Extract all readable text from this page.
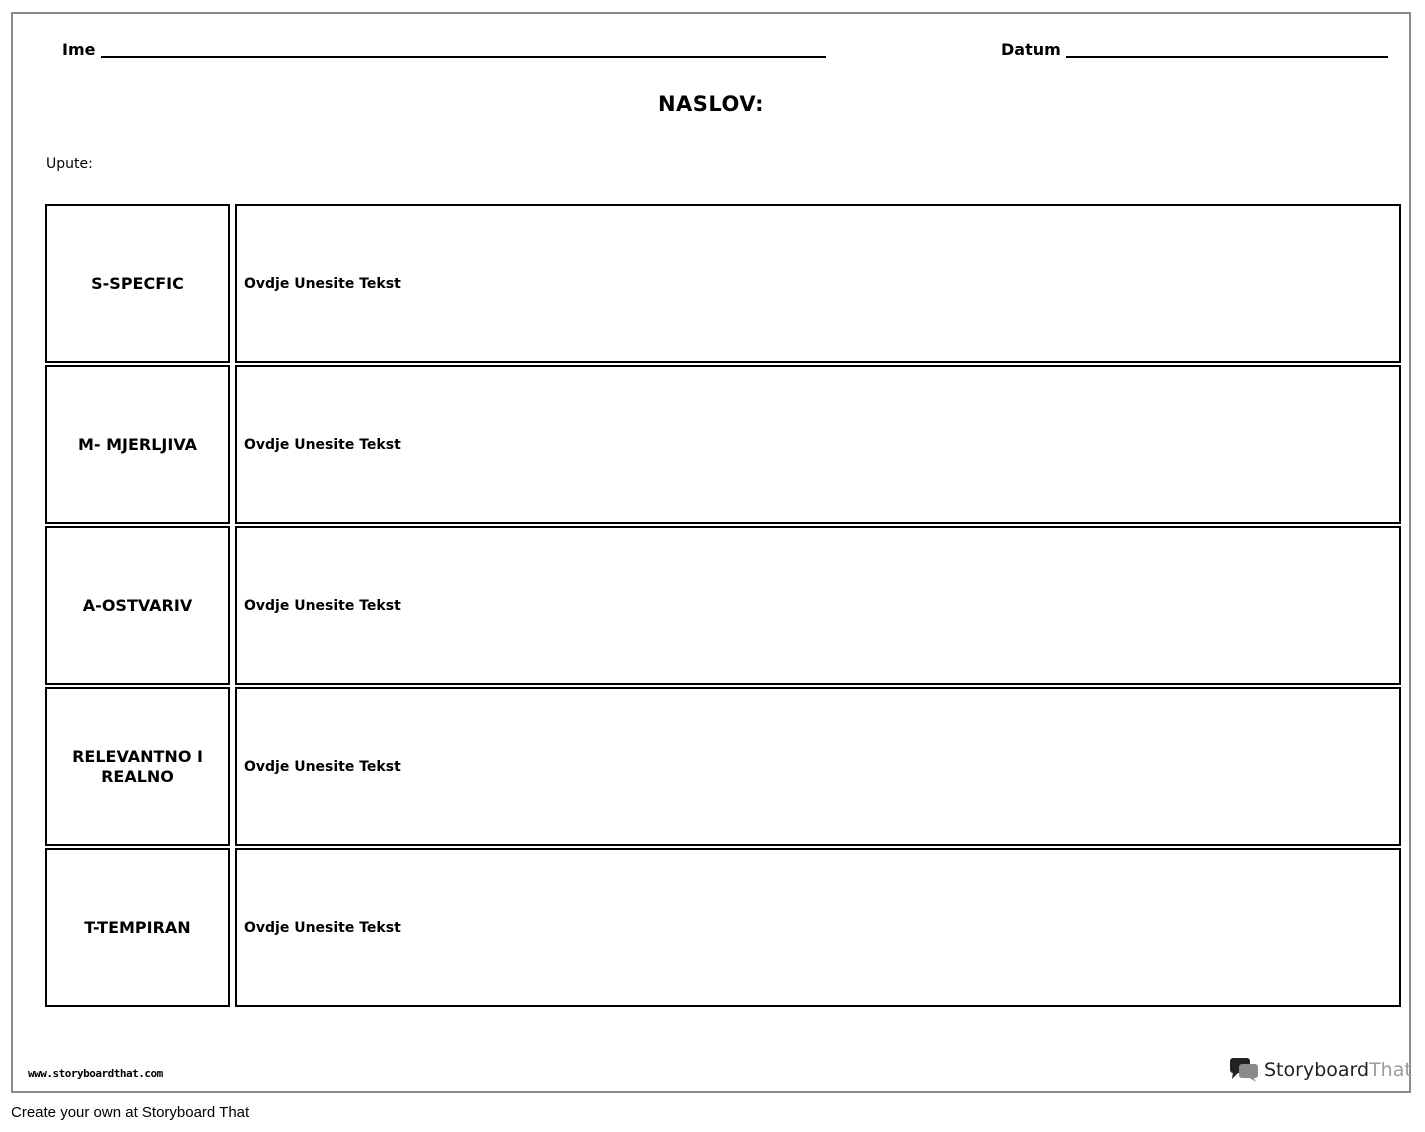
Ime	Datum
NASLOV:
Upute:
S-SPECFIC	Ovdje Unesite Tekst
M- MJERLJIVA	Ovdje Unesite Tekst
A-OSTVARIV	Ovdje Unesite Tekst
RELEVANTNO I REALNO	Ovdje Unesite Tekst
T-TEMPIRAN	Ovdje Unesite Tekst
www.storyboardthat.com	Storyboard That
Create your own at Storyboard That
